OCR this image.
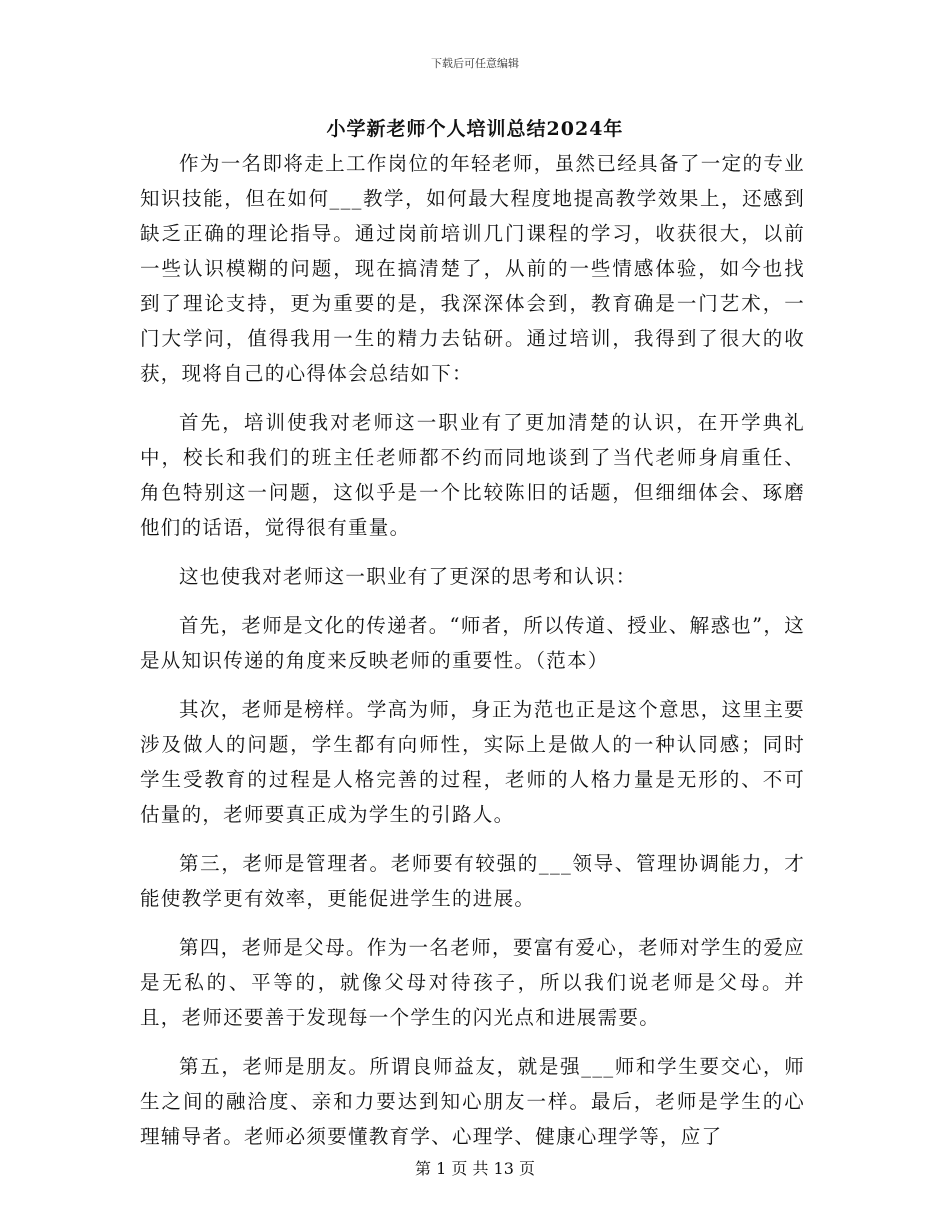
下载后可任意编辑
小学新老师个人培训总结2024年

作为一名即将走上工作岗位的年轻老师，虽然已经具备了一定的专业知识技能，但在如何___教学，如何最大程度地提高教学效果上，还感到缺乏正确的理论指导。通过岗前培训几门课程的学习，收获很大，以前一些认识模糊的问题，现在搞清楚了，从前的一些情感体验，如今也找到了理论支持，更为重要的是，我深深体会到，教育确是一门艺术，一门大学问，值得我用一生的精力去钻研。通过培训，我得到了很大的收获，现将自己的心得体会总结如下：

首先，培训使我对老师这一职业有了更加清楚的认识，在开学典礼中，校长和我们的班主任老师都不约而同地谈到了当代老师身肩重任、角色特别这一问题，这似乎是一个比较陈旧的话题，但细细体会、琢磨他们的话语，觉得很有重量。

这也使我对老师这一职业有了更深的思考和认识：

首先，老师是文化的传递者。“师者，所以传道、授业、解惑也”，这是从知识传递的角度来反映老师的重要性。（范本）

其次，老师是榜样。学高为师，身正为范也正是这个意思，这里主要涉及做人的问题，学生都有向师性，实际上是做人的一种认同感；同时学生受教育的过程是人格完善的过程，老师的人格力量是无形的、不可估量的，老师要真正成为学生的引路人。

第三，老师是管理者。老师要有较强的___领导、管理协调能力，才能使教学更有效率，更能促进学生的进展。

第四，老师是父母。作为一名老师，要富有爱心，老师对学生的爱应是无私的、平等的，就像父母对待孩子，所以我们说老师是父母。并且，老师还要善于发现每一个学生的闪光点和进展需要。

第五，老师是朋友。所谓良师益友，就是强___师和学生要交心，师生之间的融洽度、亲和力要达到知心朋友一样。最后，老师是学生的心理辅导者。老师必须要懂教育学、心理学、健康心理学等，应了

第 1 页 共 13 页
